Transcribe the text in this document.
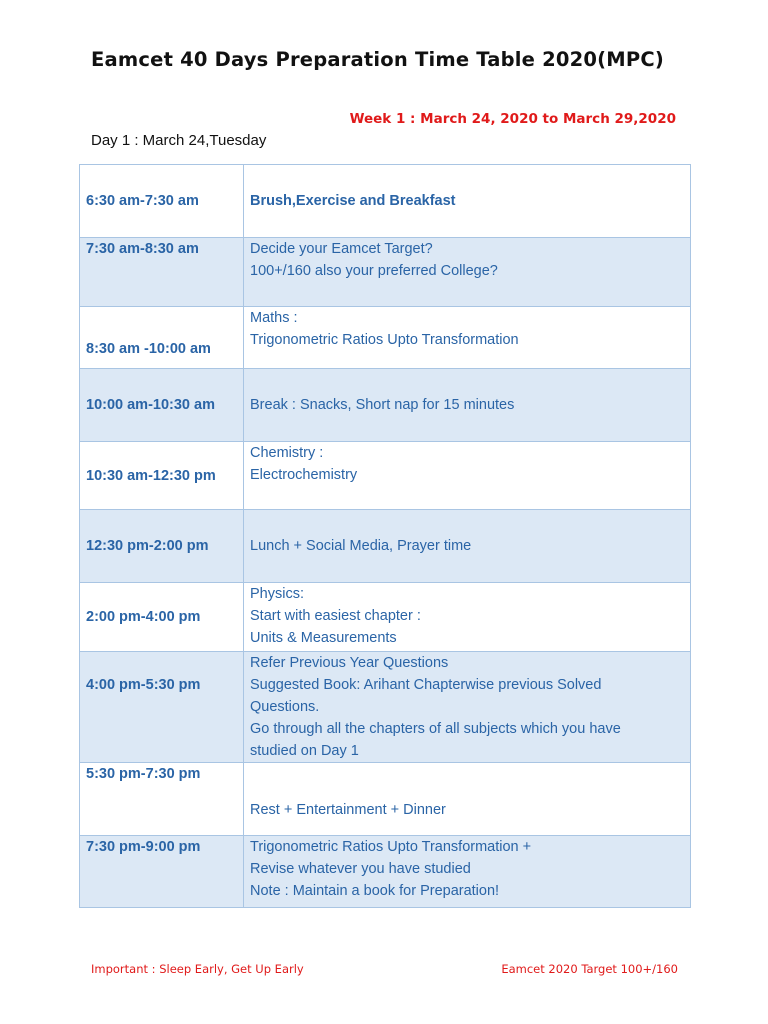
Eamcet 40 Days Preparation Time Table 2020(MPC)
Week 1 : March 24, 2020 to March 29,2020
Day 1 : March 24,Tuesday
6:30 am-7:30 am	Brush,Exercise and Breakfast

7:30 am-8:30 am	Decide your Eamcet Target?
100+/160 also your preferred College?

8:30 am -10:00 am	Maths :
Trigonometric Ratios Upto Transformation

10:00 am-10:30 am	Break : Snacks, Short nap for 15 minutes

10:30 am-12:30 pm	Chemistry :
Electrochemistry

12:30 pm-2:00 pm	Lunch + Social Media, Prayer time

2:00 pm-4:00 pm	Physics:
Start with easiest chapter :
Units & Measurements

4:00 pm-5:30 pm	Refer Previous Year Questions
Suggested Book: Arihant Chapterwise previous Solved
Questions.
Go through all the chapters of all subjects which you have
studied on Day 1

5:30 pm-7:30 pm	Rest + Entertainment + Dinner

7:30 pm-9:00 pm	Trigonometric Ratios Upto Transformation +
Revise whatever you have studied
Note : Maintain a book for Preparation!
Important : Sleep Early, Get Up Early	Eamcet 2020 Target 100+/160
